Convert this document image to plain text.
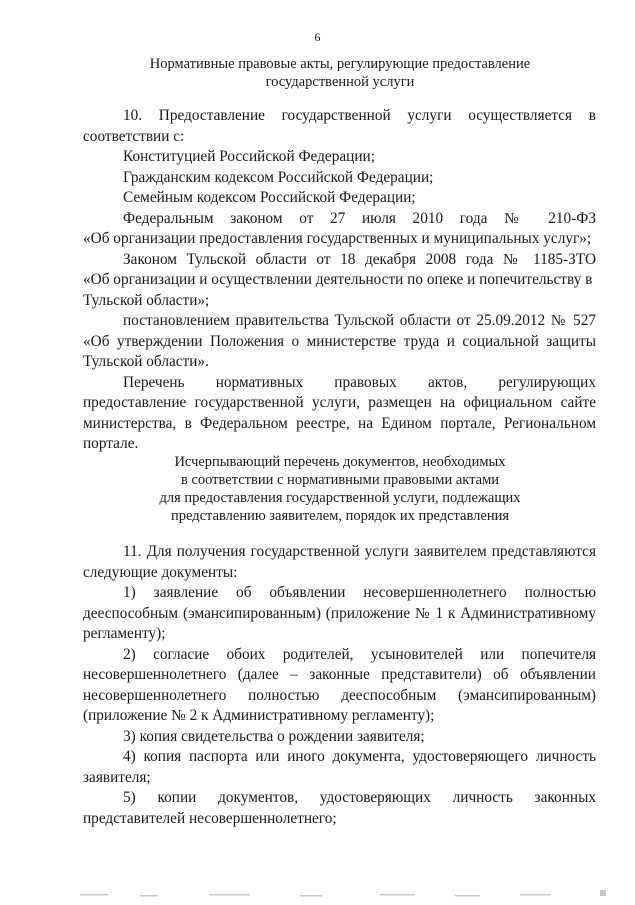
6
Нормативные правовые акты, регулирующие предоставление
государственной услуги
10. Предоставление государственной услуги осуществляется в
соответствии с:
Конституцией Российской Федерации;
Гражданским кодексом Российской Федерации;
Семейным кодексом Российской Федерации;
Федеральным законом от 27 июля 2010 года № 210-ФЗ
«Об организации предоставления государственных и муниципальных услуг»;
Законом Тульской области от 18 декабря 2008 года № 1185-ЗТО
«Об организации и осуществлении деятельности по опеке и попечительству в
Тульской области»;
постановлением правительства Тульской области от 25.09.2012 № 527
«Об утверждении Положения о министерстве труда и социальной защиты
Тульской области».
Перечень нормативных правовых актов, регулирующих
предоставление государственной услуги, размещен на официальном сайте
министерства, в Федеральном реестре, на Едином портале, Региональном
портале.
Исчерпывающий перечень документов, необходимых
в соответствии с нормативными правовыми актами
для предоставления государственной услуги, подлежащих
представлению заявителем, порядок их представления
11. Для получения государственной услуги заявителем представляются
следующие документы:
1) заявление об объявлении несовершеннолетнего полностью
дееспособным (эмансипированным) (приложение № 1 к Административному
регламенту);
2) согласие обоих родителей, усыновителей или попечителя
несовершеннолетнего (далее – законные представители) об объявлении
несовершеннолетнего полностью дееспособным (эмансипированным)
(приложение № 2 к Административному регламенту);
3) копия свидетельства о рождении заявителя;
4) копия паспорта или иного документа, удостоверяющего личность
заявителя;
5) копии документов, удостоверяющих личность законных
представителей несовершеннолетнего;
